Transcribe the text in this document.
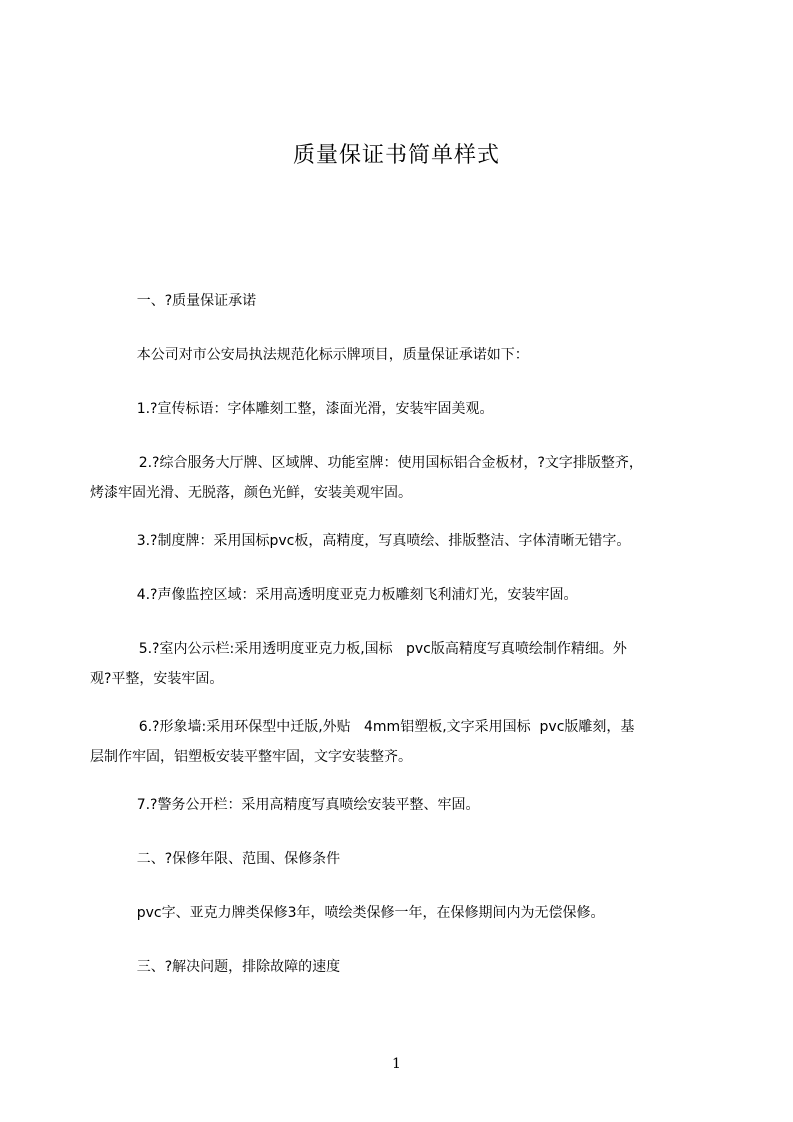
质量保证书简单样式
一、?质量保证承诺
本公司对市公安局执法规范化标示牌项目，质量保证承诺如下：
1.?宣传标语：字体雕刻工整，漆面光滑，安装牢固美观。
2.?综合服务大厅牌、区域牌、功能室牌：使用国标铝合金板材，?文字排版整齐，
烤漆牢固光滑、无脱落，颜色光鲜，安装美观牢固。
3.?制度牌：采用国标pvc板，高精度，写真喷绘、排版整洁、字体清晰无错字。
4.?声像监控区域：采用高透明度亚克力板雕刻飞利浦灯光，安装牢固。
5.?室内公示栏:采用透明度亚克力板,国标   pvc版高精度写真喷绘制作精细。外
观?平整，安装牢固。
6.?形象墙:采用环保型中迁版,外贴   4mm铝塑板,文字采用国标  pvc版雕刻，基
层制作牢固，铝塑板安装平整牢固，文字安装整齐。
7.?警务公开栏：采用高精度写真喷绘安装平整、牢固。
二、?保修年限、范围、保修条件
pvc字、亚克力牌类保修3年，喷绘类保修一年，在保修期间内为无偿保修。
三、?解决问题，排除故障的速度
1
